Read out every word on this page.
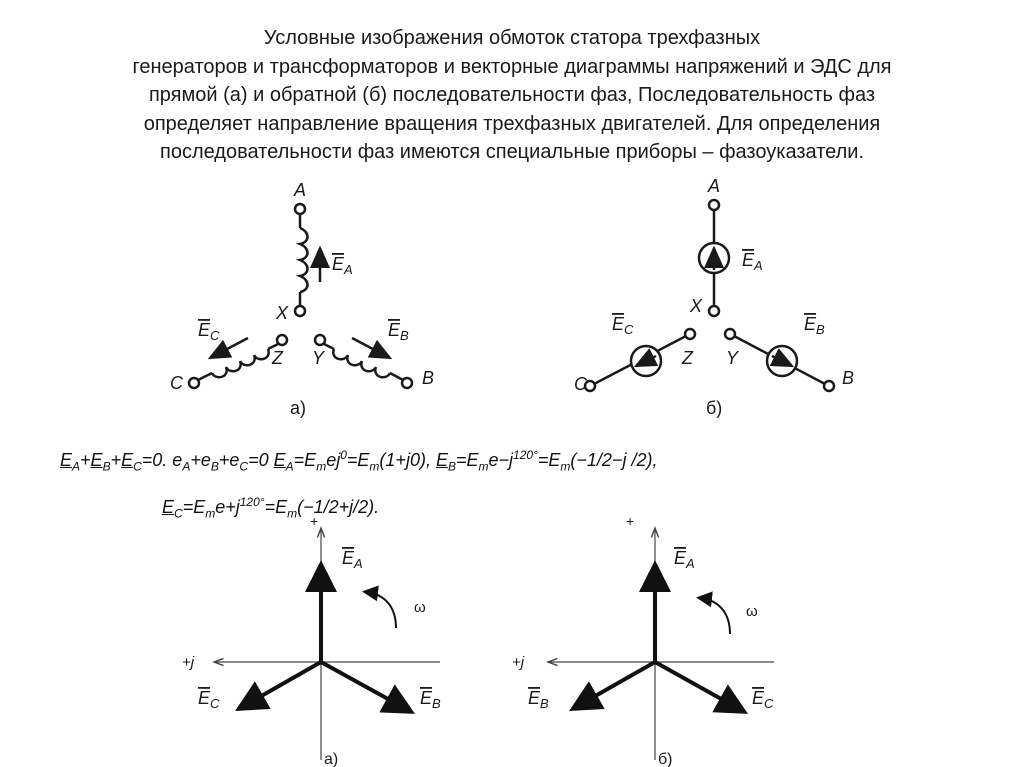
Условные изображения обмоток статора трехфазных
генераторов и трансформаторов и векторные диаграммы напряжений и ЭДС для
прямой (а) и обратной (б) последовательности фаз, Последовательность фаз
определяет направление вращения трехфазных двигателей. Для определения
последовательности фаз имеются специальные приборы – фазоуказатели.
A
X
Z Y
C	B
$E_A$
$E_C$	$E_B$
а)
A
X
Z Y
C	B
$E_A$
$E_C$	$E_B$
б)
$E_A+E_B+E_C=0$. $e_A+e_B+e_C=0$ $E_A=E_mej^0=E_m(1+j0)$, $E_B=E_me-j^{120^\circ}=E_m(-1/2-j$ /2),
$E_C=E_me+j^{120^\circ}=E_m(-1/2+j/2)$.
+
+j
ω
$E_A$
$E_C$	$E_B$
а)
+
+j
ω
$E_A$
$E_B$	$E_C$
б)
